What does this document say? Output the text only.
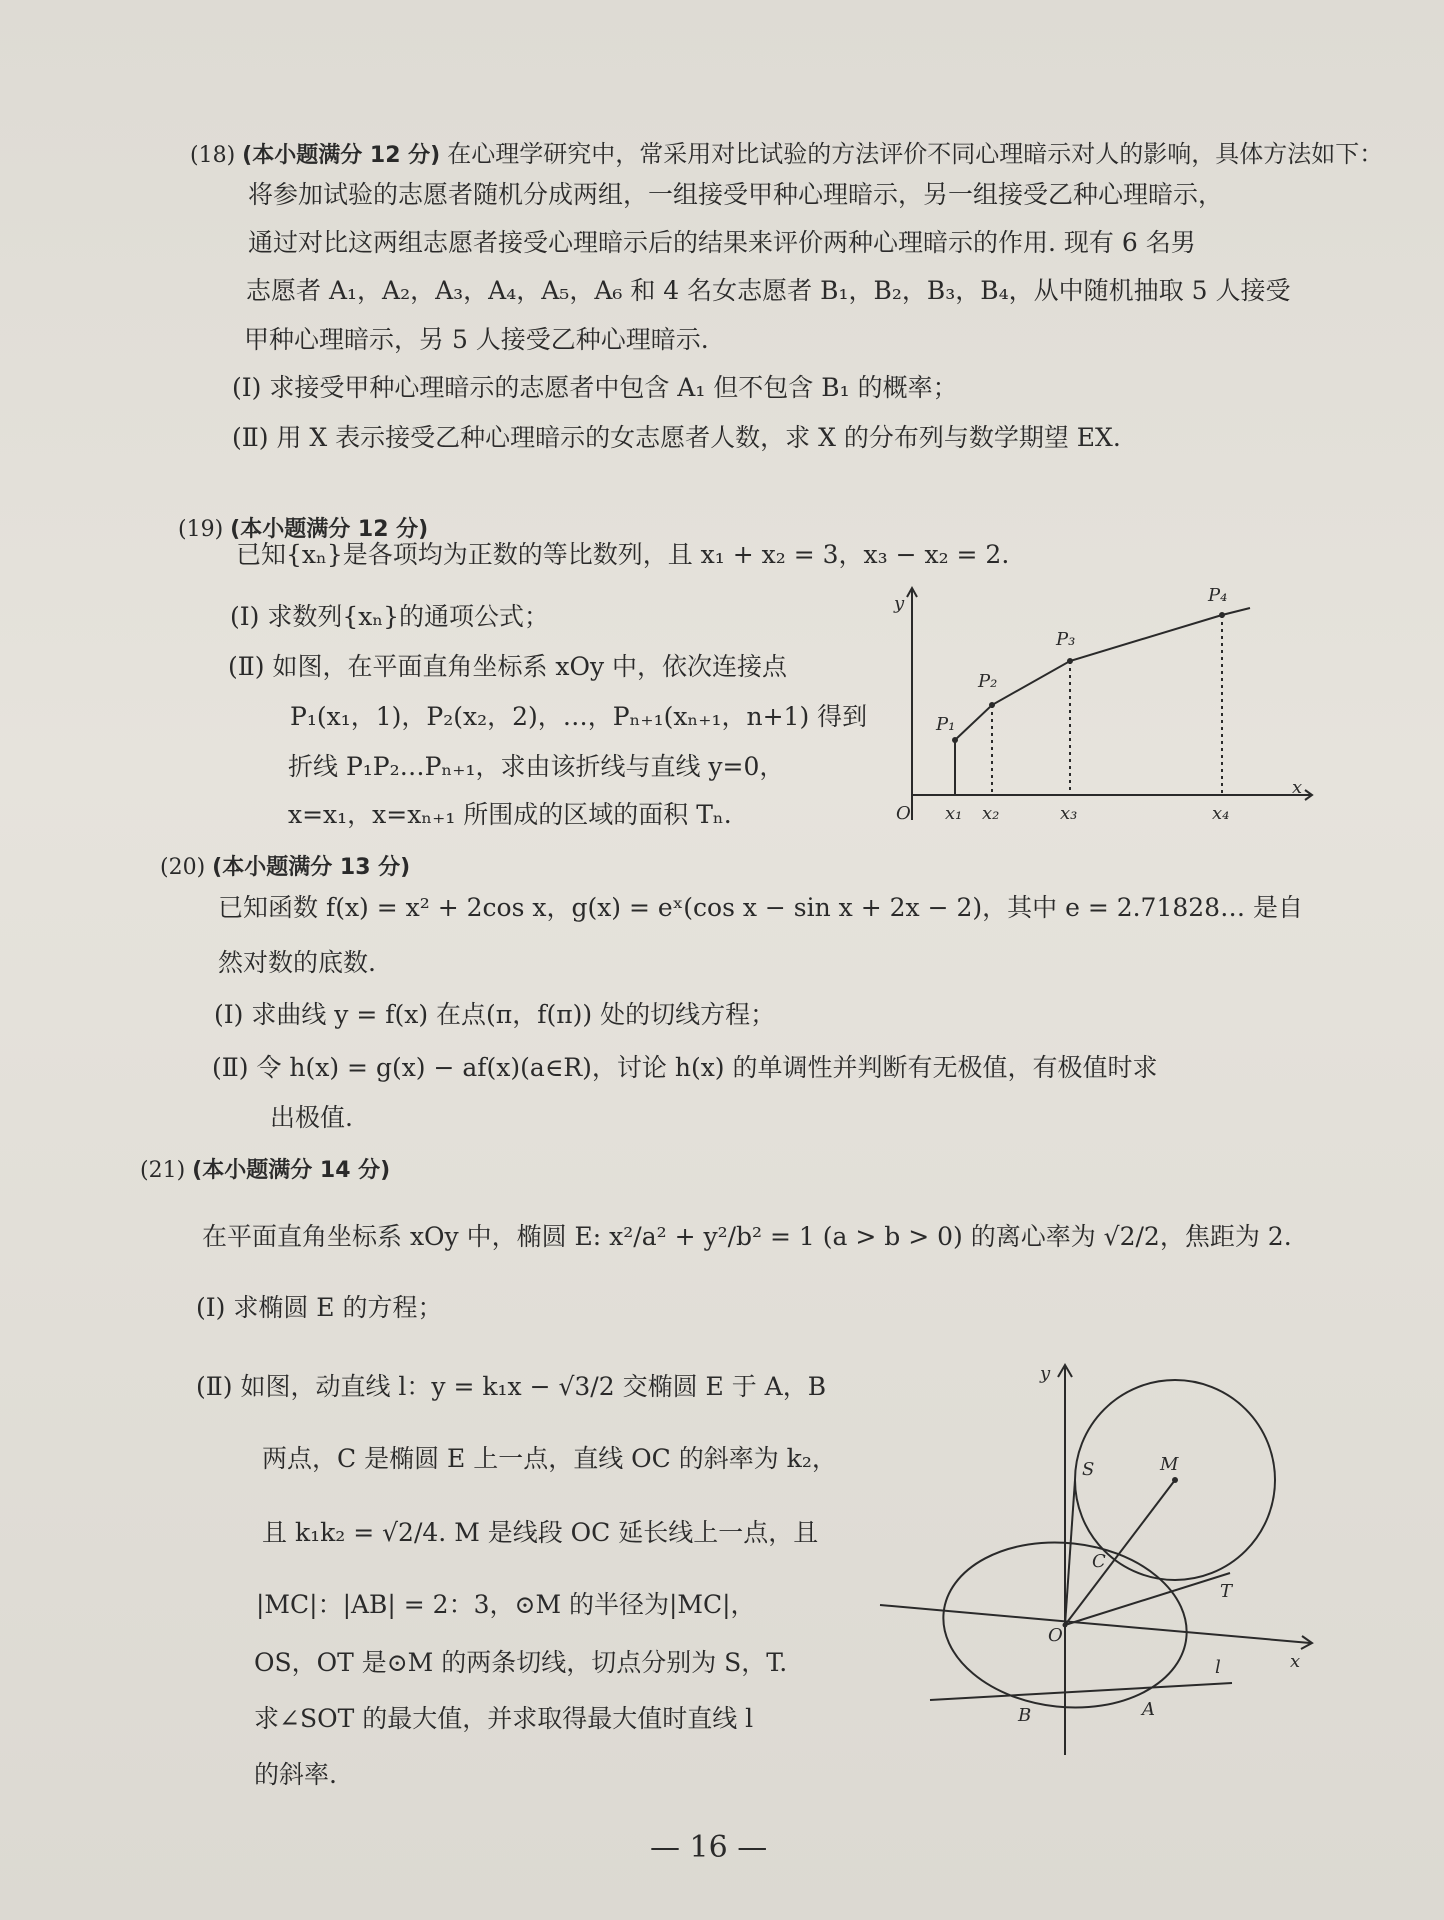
(18) (本小题满分 12 分) 在心理学研究中，常采用对比试验的方法评价不同心理暗示对人的影响，具体方法如下：
将参加试验的志愿者随机分成两组，一组接受甲种心理暗示，另一组接受乙种心理暗示，
通过对比这两组志愿者接受心理暗示后的结果来评价两种心理暗示的作用. 现有 6 名男
志愿者 A₁，A₂，A₃，A₄，A₅，A₆ 和 4 名女志愿者 B₁，B₂，B₃，B₄，从中随机抽取 5 人接受
甲种心理暗示，另 5 人接受乙种心理暗示.
(Ⅰ) 求接受甲种心理暗示的志愿者中包含 A₁ 但不包含 B₁ 的概率；
(Ⅱ) 用 X 表示接受乙种心理暗示的女志愿者人数，求 X 的分布列与数学期望 EX.
(19) (本小题满分 12 分)
已知{xₙ}是各项均为正数的等比数列，且 x₁ + x₂ = 3，x₃ − x₂ = 2.
(Ⅰ) 求数列{xₙ}的通项公式；
(Ⅱ) 如图，在平面直角坐标系 xOy 中，依次连接点
P₁(x₁，1)，P₂(x₂，2)，…，Pₙ₊₁(xₙ₊₁，n+1) 得到
折线 P₁P₂…Pₙ₊₁，求由该折线与直线 y=0，
x=x₁，x=xₙ₊₁ 所围成的区域的面积 Tₙ.
y
x
O
P₁
P₂
P₃
P₄
x₁ x₂	x₃	x₄
(20) (本小题满分 13 分)
已知函数 f(x) = x² + 2cos x，g(x) = eˣ(cos x − sin x + 2x − 2)，其中 e = 2.71828… 是自
然对数的底数.
(Ⅰ) 求曲线 y = f(x) 在点(π，f(π)) 处的切线方程；
(Ⅱ) 令 h(x) = g(x) − af(x)(a∈R)，讨论 h(x) 的单调性并判断有无极值，有极值时求
出极值.
(21) (本小题满分 14 分)
在平面直角坐标系 xOy 中，椭圆 E: x²/a² + y²/b² = 1 (a > b > 0) 的离心率为 √2/2，焦距为 2.
(Ⅰ) 求椭圆 E 的方程；
(Ⅱ) 如图，动直线 l：y = k₁x − √3/2 交椭圆 E 于 A，B
两点，C 是椭圆 E 上一点，直线 OC 的斜率为 k₂，
且 k₁k₂ = √2/4. M 是线段 OC 延长线上一点，且
|MC|：|AB| = 2：3，⊙M 的半径为|MC|，
OS，OT 是⊙M 的两条切线，切点分别为 S，T.
求∠SOT 的最大值，并求取得最大值时直线 l
的斜率.
y
x
O
S	M
C
T
l
A
B
— 16 —
